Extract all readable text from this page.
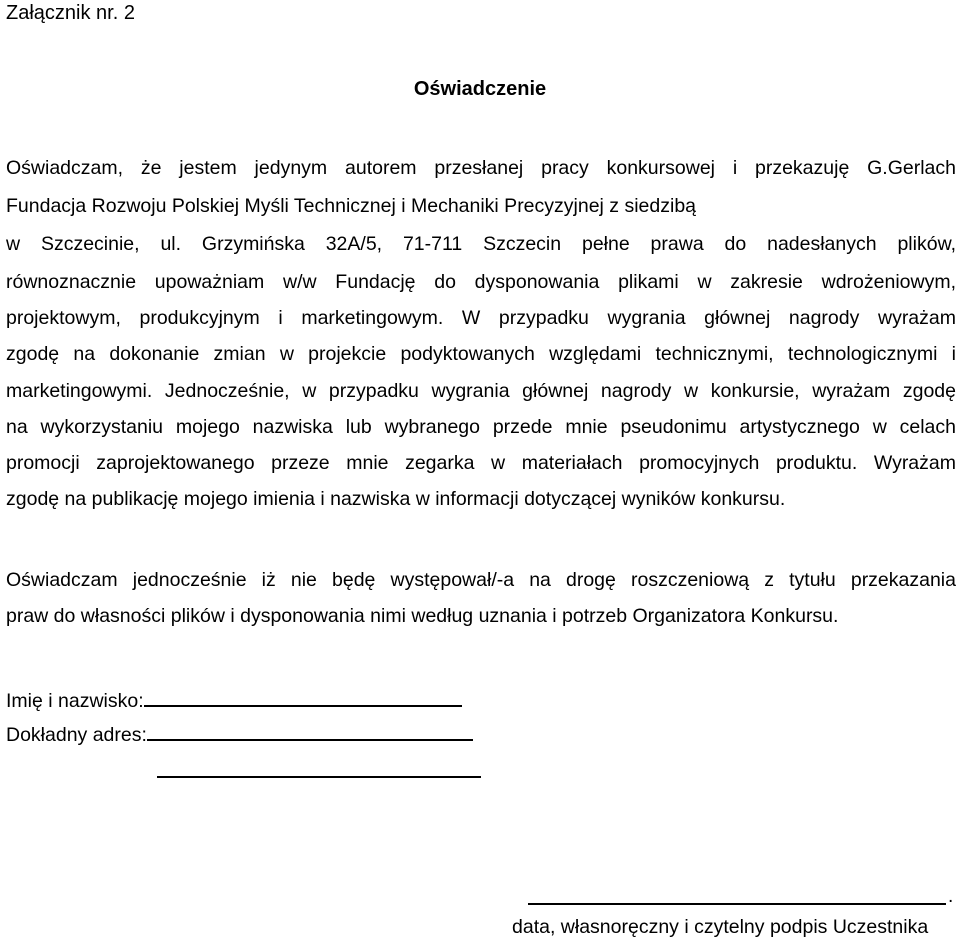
Załącznik nr. 2
Oświadczenie
Oświadczam, że jestem jedynym autorem przesłanej pracy konkursowej i przekazuję G.Gerlach
Fundacja Rozwoju Polskiej Myśli Technicznej i Mechaniki Precyzyjnej z siedzibą
w Szczecinie, ul. Grzymińska 32A/5, 71-711 Szczecin pełne prawa do nadesłanych plików,
równoznacznie upoważniam w/w Fundację do dysponowania plikami w zakresie wdrożeniowym,
projektowym, produkcyjnym i marketingowym. W przypadku wygrania głównej nagrody wyrażam
zgodę na dokonanie zmian w projekcie podyktowanych względami technicznymi, technologicznymi i
marketingowymi. Jednocześnie, w przypadku wygrania głównej nagrody w konkursie, wyrażam zgodę
na wykorzystaniu mojego nazwiska lub wybranego przede mnie pseudonimu artystycznego w celach
promocji zaprojektowanego przeze mnie zegarka w materiałach promocyjnych produktu. Wyrażam
zgodę na publikację mojego imienia i nazwiska w informacji dotyczącej wyników konkursu.
Oświadczam jednocześnie iż nie będę występował/-a na drogę roszczeniową z tytułu przekazania
praw do własności plików i dysponowania nimi według uznania i potrzeb Organizatora Konkursu.
Imię i nazwisko:
Dokładny adres:
.
data, własnoręczny i czytelny podpis Uczestnika
